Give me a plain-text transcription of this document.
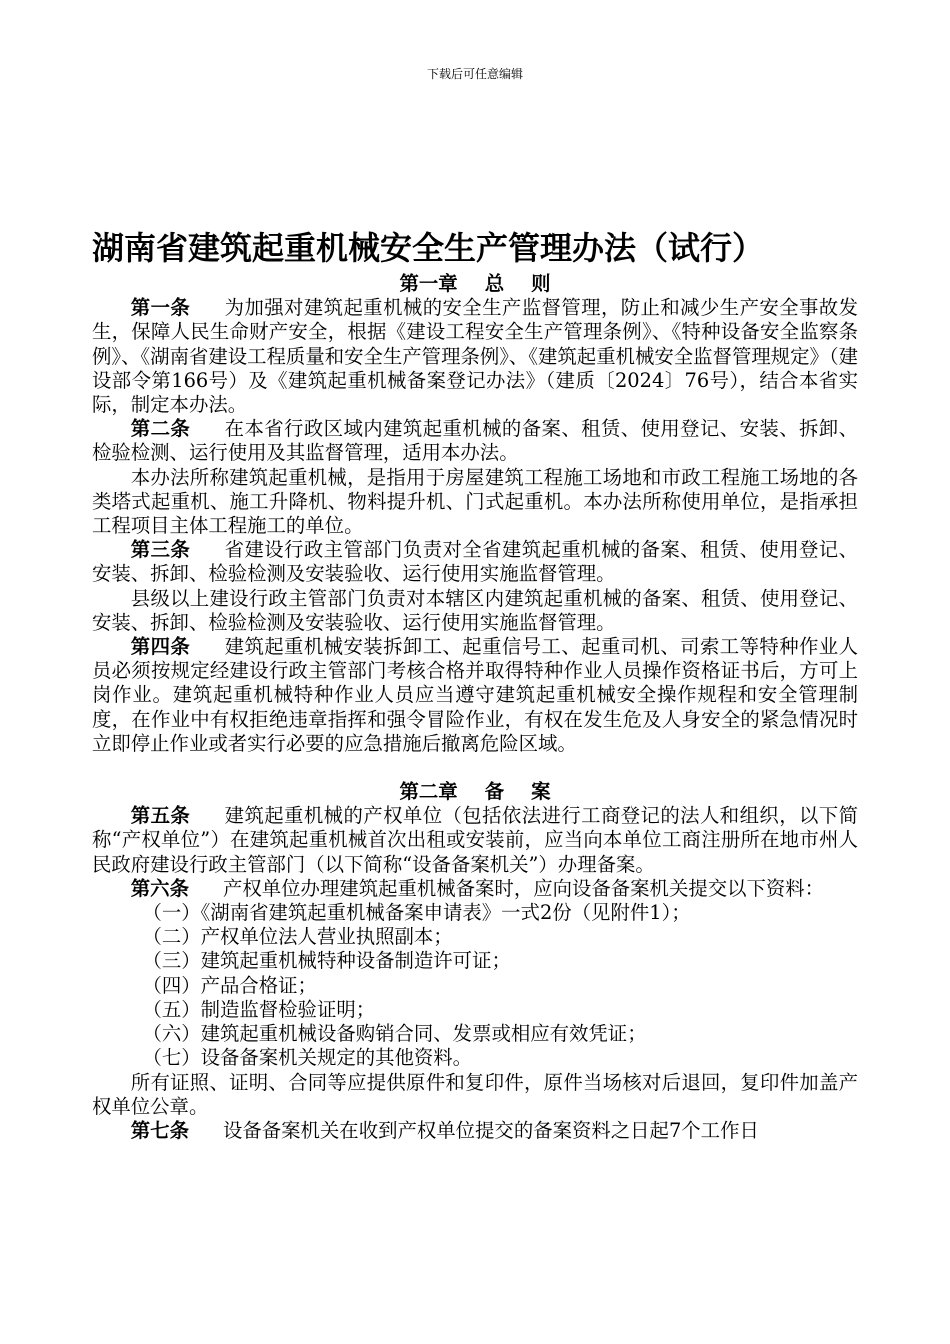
下载后可任意编辑
湖南省建筑起重机械安全生产管理办法（试行）
第一章    总    则

第一条 为加强对建筑起重机械的安全生产监督管理，防止和减少生产安全事故发生，保障人民生命财产安全，根据《建设工程安全生产管理条例》、《特种设备安全监察条例》、《湖南省建设工程质量和安全生产管理条例》、《建筑起重机械安全监督管理规定》（建设部令第166号）及《建筑起重机械备案登记办法》（建质〔2024〕76号），结合本省实际，制定本办法。

第二条 在本省行政区域内建筑起重机械的备案、租赁、使用登记、安装、拆卸、检验检测、运行使用及其监督管理，适用本办法。

本办法所称建筑起重机械，是指用于房屋建筑工程施工场地和市政工程施工场地的各类塔式起重机、施工升降机、物料提升机、门式起重机。本办法所称使用单位，是指承担工程项目主体工程施工的单位。

第三条 省建设行政主管部门负责对全省建筑起重机械的备案、租赁、使用登记、安装、拆卸、检验检测及安装验收、运行使用实施监督管理。

县级以上建设行政主管部门负责对本辖区内建筑起重机械的备案、租赁、使用登记、安装、拆卸、检验检测及安装验收、运行使用实施监督管理。

第四条 建筑起重机械安装拆卸工、起重信号工、起重司机、司索工等特种作业人员必须按规定经建设行政主管部门考核合格并取得特种作业人员操作资格证书后，方可上岗作业。建筑起重机械特种作业人员应当遵守建筑起重机械安全操作规程和安全管理制度，在作业中有权拒绝违章指挥和强令冒险作业，有权在发生危及人身安全的紧急情况时立即停止作业或者实行必要的应急措施后撤离危险区域。

第二章    备    案

第五条 建筑起重机械的产权单位（包括依法进行工商登记的法人和组织，以下简称“产权单位”）在建筑起重机械首次出租或安装前，应当向本单位工商注册所在地市州人民政府建设行政主管部门（以下简称“设备备案机关”）办理备案。

第六条 产权单位办理建筑起重机械备案时，应向设备备案机关提交以下资料：

（一）《湖南省建筑起重机械备案申请表》一式2份（见附件1）；

（二）产权单位法人营业执照副本；

（三）建筑起重机械特种设备制造许可证；

（四）产品合格证；

（五）制造监督检验证明；

（六）建筑起重机械设备购销合同、发票或相应有效凭证；

（七）设备备案机关规定的其他资料。

所有证照、证明、合同等应提供原件和复印件，原件当场核对后退回，复印件加盖产权单位公章。

第七条 设备备案机关在收到产权单位提交的备案资料之日起7个工作日
